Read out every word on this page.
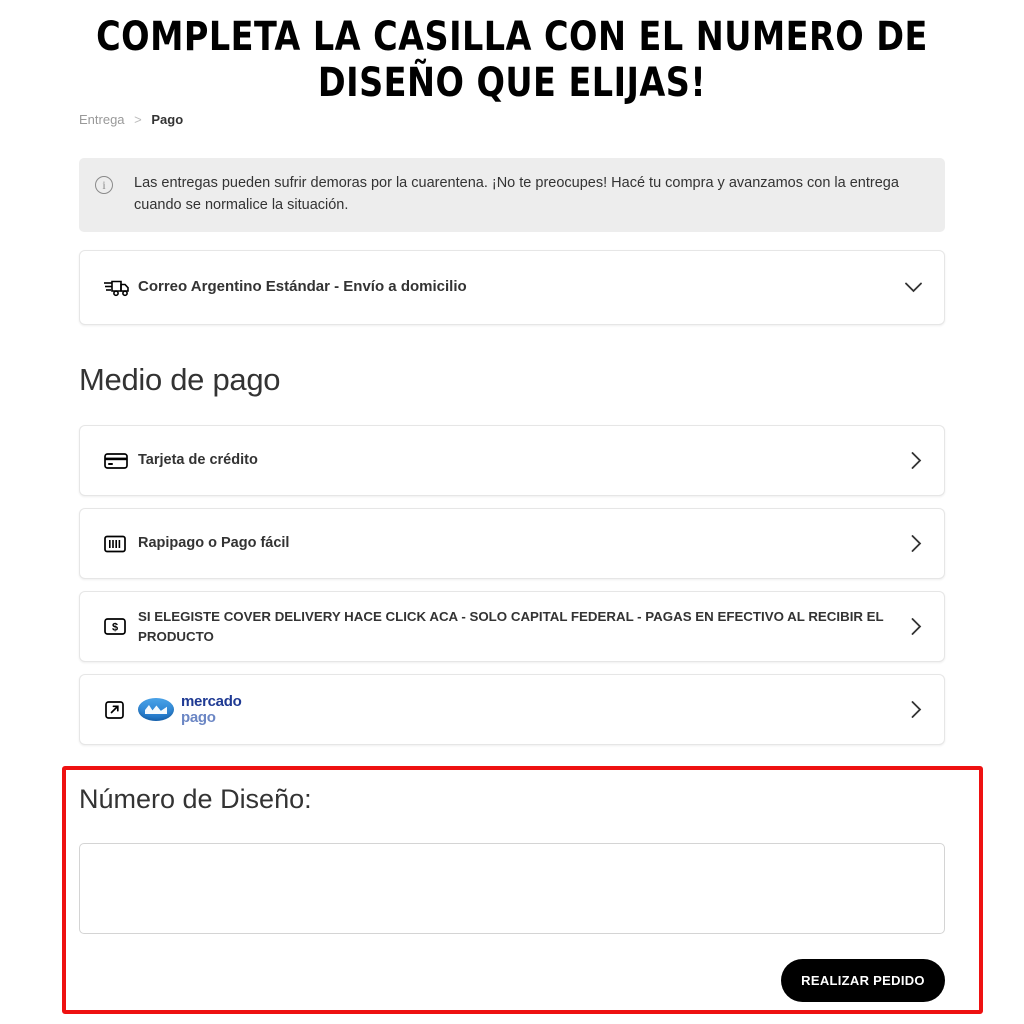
Entrega > Pago
i	Las entregas pueden sufrir demoras por la cuarentena. ¡No te preocupes! Hacé tu compra y avanzamos con la entrega cuando se normalice la situación.
Correo Argentino Estándar - Envío a domicilio
Medio de pago
Tarjeta de crédito
Rapipago o Pago fácil
$
SI ELEGISTE COVER DELIVERY HACE CLICK ACA - SOLO CAPITAL FEDERAL - PAGAS EN EFECTIVO AL RECIBIR EL PRODUCTO
mercado
pago
Número de Diseño:
REALIZAR PEDIDO
COMPLETA LA CASILLA CON EL NUMERO DE DISEÑO QUE ELIJAS!
